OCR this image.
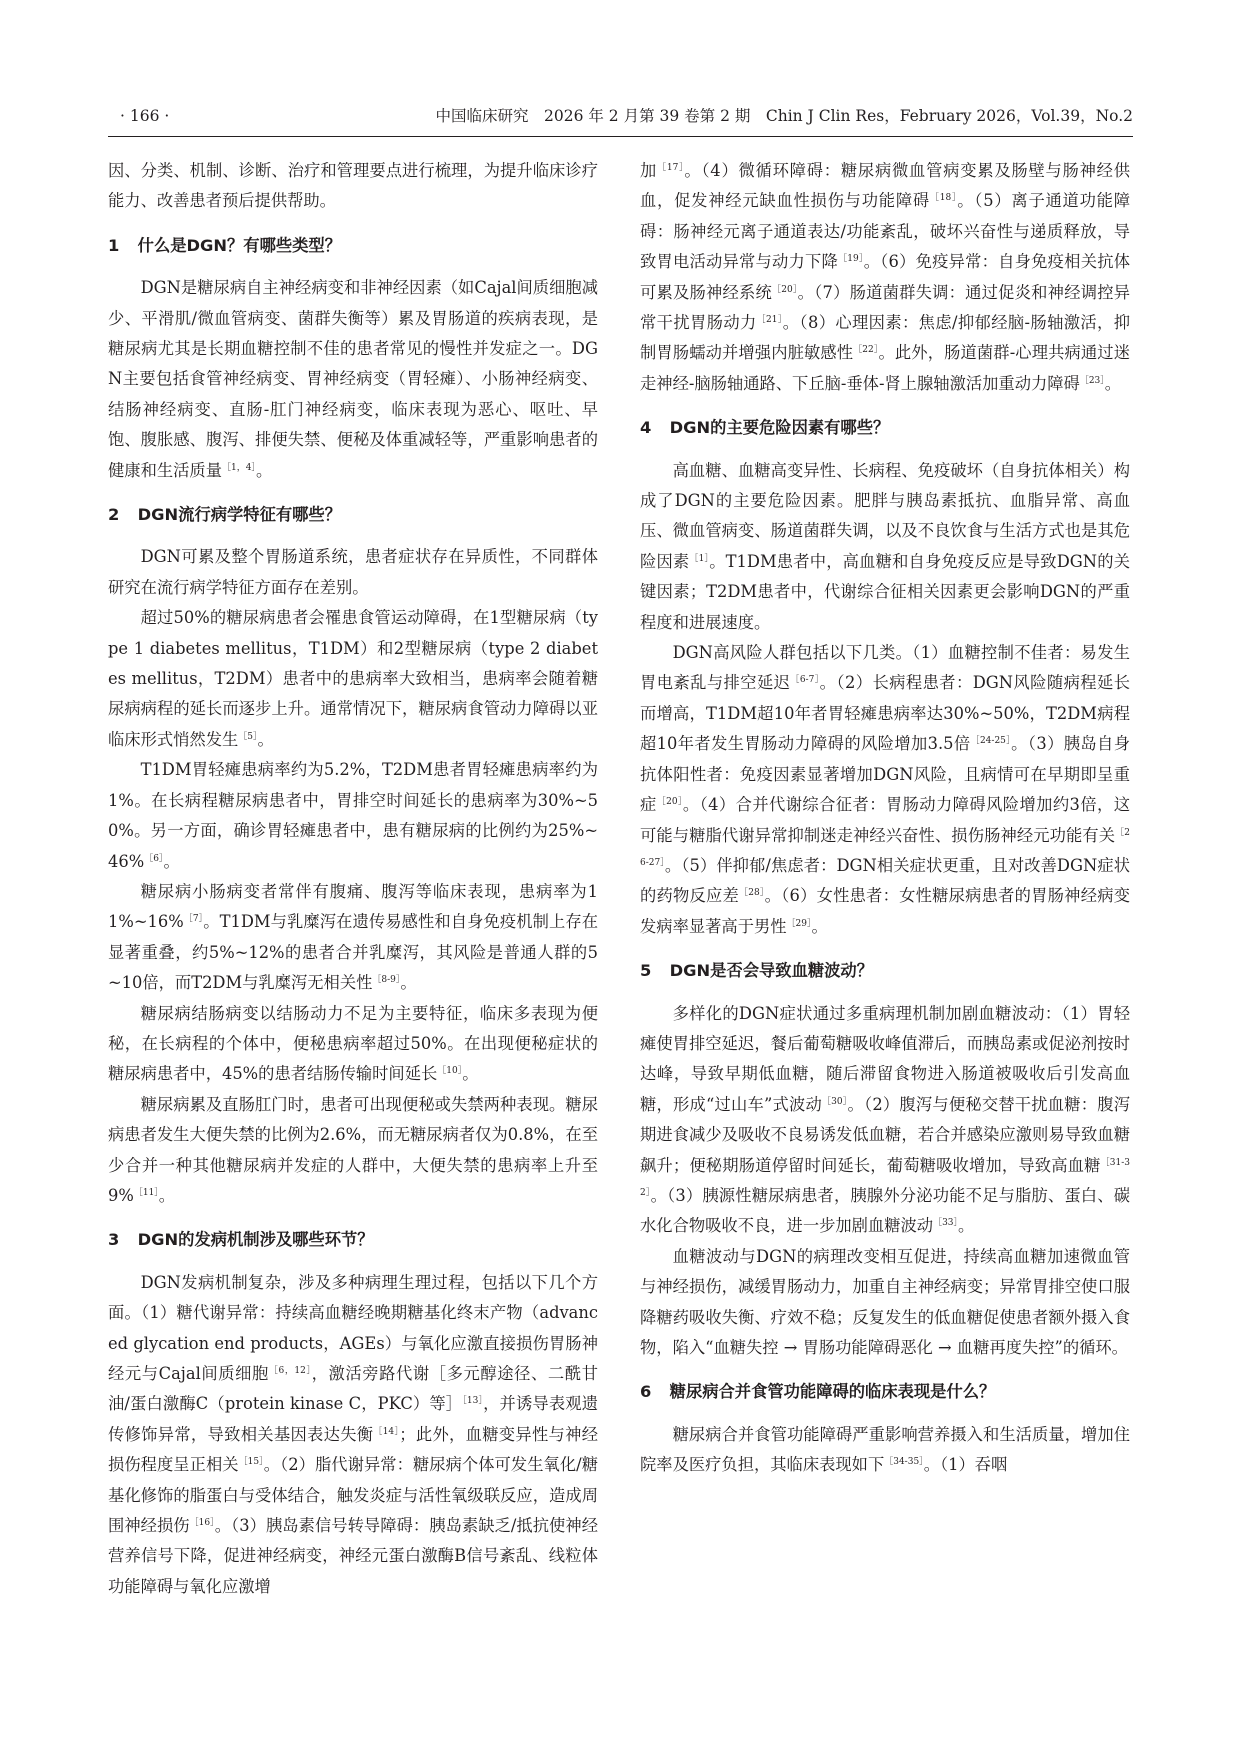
· 166 ·	中国临床研究　2026 年 2 月第 39 卷第 2 期　Chin J Clin Res，February 2026，Vol.39，No.2

因、分类、机制、诊断、治疗和管理要点进行梳理，为提升临床诊疗能力、改善患者预后提供帮助。

1 什么是DGN？有哪些类型？

DGN是糖尿病自主神经病变和非神经因素（如Cajal间质细胞减少、平滑肌/微血管病变、菌群失衡等）累及胃肠道的疾病表现，是糖尿病尤其是长期血糖控制不佳的患者常见的慢性并发症之一。DGN主要包括食管神经病变、胃神经病变（胃轻瘫）、小肠神经病变、结肠神经病变、直肠-肛门神经病变，临床表现为恶心、呕吐、早饱、腹胀感、腹泻、排便失禁、便秘及体重减轻等，严重影响患者的健康和生活质量$^{[1,4]}$。

2 DGN流行病学特征有哪些？

DGN可累及整个胃肠道系统，患者症状存在异质性，不同群体研究在流行病学特征方面存在差别。

超过50%的糖尿病患者会罹患食管运动障碍，在1型糖尿病（type 1 diabetes mellitus，T1DM）和2型糖尿病（type 2 diabetes mellitus，T2DM）患者中的患病率大致相当，患病率会随着糖尿病病程的延长而逐步上升。通常情况下，糖尿病食管动力障碍以亚临床形式悄然发生$^{[5]}$。

T1DM胃轻瘫患病率约为5.2%，T2DM患者胃轻瘫患病率约为1%。在长病程糖尿病患者中，胃排空时间延长的患病率为30%~50%。另一方面，确诊胃轻瘫患者中，患有糖尿病的比例约为25%~46%$^{[6]}$。

糖尿病小肠病变者常伴有腹痛、腹泻等临床表现，患病率为11%~16%$^{[7]}$。T1DM与乳糜泻在遗传易感性和自身免疫机制上存在显著重叠，约5%~12%的患者合并乳糜泻，其风险是普通人群的5~10倍，而T2DM与乳糜泻无相关性$^{[8-9]}$。

糖尿病结肠病变以结肠动力不足为主要特征，临床多表现为便秘，在长病程的个体中，便秘患病率超过50%。在出现便秘症状的糖尿病患者中，45%的患者结肠传输时间延长$^{[10]}$。

糖尿病累及直肠肛门时，患者可出现便秘或失禁两种表现。糖尿病患者发生大便失禁的比例为2.6%，而无糖尿病者仅为0.8%，在至少合并一种其他糖尿病并发症的人群中，大便失禁的患病率上升至9%$^{[11]}$。

3 DGN的发病机制涉及哪些环节？

DGN发病机制复杂，涉及多种病理生理过程，包括以下几个方面。（1）糖代谢异常：持续高血糖经晚期糖基化终末产物（advanced glycation end products，AGEs）与氧化应激直接损伤胃肠神经元与Cajal间质细胞$^{[6,12]}$，激活旁路代谢［多元醇途径、二酰甘油/蛋白激酶C（protein kinase C，PKC）等］$^{[13]}$，并诱导表观遗传修饰异常，导致相关基因表达失衡$^{[14]}$；此外，血糖变异性与神经损伤程度呈正相关$^{[15]}$。（2）脂代谢异常：糖尿病个体可发生氧化/糖基化修饰的脂蛋白与受体结合，触发炎症与活性氧级联反应，造成周围神经损伤$^{[16]}$。（3）胰岛素信号转导障碍：胰岛素缺乏/抵抗使神经营养信号下降，促进神经病变，神经元蛋白激酶B信号紊乱、线粒体功能障碍与氧化应激增

加$^{[17]}$。（4）微循环障碍：糖尿病微血管病变累及肠壁与肠神经供血，促发神经元缺血性损伤与功能障碍$^{[18]}$。（5）离子通道功能障碍：肠神经元离子通道表达/功能紊乱，破坏兴奋性与递质释放，导致胃电活动异常与动力下降$^{[19]}$。（6）免疫异常：自身免疫相关抗体可累及肠神经系统$^{[20]}$。（7）肠道菌群失调：通过促炎和神经调控异常干扰胃肠动力$^{[21]}$。（8）心理因素：焦虑/抑郁经脑-肠轴激活，抑制胃肠蠕动并增强内脏敏感性$^{[22]}$。此外，肠道菌群-心理共病通过迷走神经-脑肠轴通路、下丘脑-垂体-肾上腺轴激活加重动力障碍$^{[23]}$。

4 DGN的主要危险因素有哪些？

高血糖、血糖高变异性、长病程、免疫破坏（自身抗体相关）构成了DGN的主要危险因素。肥胖与胰岛素抵抗、血脂异常、高血压、微血管病变、肠道菌群失调，以及不良饮食与生活方式也是其危险因素$^{[1]}$。T1DM患者中，高血糖和自身免疫反应是导致DGN的关键因素；T2DM患者中，代谢综合征相关因素更会影响DGN的严重程度和进展速度。

DGN高风险人群包括以下几类。（1）血糖控制不佳者：易发生胃电紊乱与排空延迟$^{[6-7]}$。（2）长病程患者：DGN风险随病程延长而增高，T1DM超10年者胃轻瘫患病率达30%~50%，T2DM病程超10年者发生胃肠动力障碍的风险增加3.5倍$^{[24-25]}$。（3）胰岛自身抗体阳性者：免疫因素显著增加DGN风险，且病情可在早期即呈重症$^{[20]}$。（4）合并代谢综合征者：胃肠动力障碍风险增加约3倍，这可能与糖脂代谢异常抑制迷走神经兴奋性、损伤肠神经元功能有关$^{[26-27]}$。（5）伴抑郁/焦虑者：DGN相关症状更重，且对改善DGN症状的药物反应差$^{[28]}$。（6）女性患者：女性糖尿病患者的胃肠神经病变发病率显著高于男性$^{[29]}$。

5 DGN是否会导致血糖波动？

多样化的DGN症状通过多重病理机制加剧血糖波动：（1）胃轻瘫使胃排空延迟，餐后葡萄糖吸收峰值滞后，而胰岛素或促泌剂按时达峰，导致早期低血糖，随后滞留食物进入肠道被吸收后引发高血糖，形成“过山车”式波动$^{[30]}$。（2）腹泻与便秘交替干扰血糖：腹泻期进食减少及吸收不良易诱发低血糖，若合并感染应激则易导致血糖飙升；便秘期肠道停留时间延长，葡萄糖吸收增加，导致高血糖$^{[31-32]}$。（3）胰源性糖尿病患者，胰腺外分泌功能不足与脂肪、蛋白、碳水化合物吸收不良，进一步加剧血糖波动$^{[33]}$。

血糖波动与DGN的病理改变相互促进，持续高血糖加速微血管与神经损伤，减缓胃肠动力，加重自主神经病变；异常胃排空使口服降糖药吸收失衡、疗效不稳；反复发生的低血糖促使患者额外摄入食物，陷入“血糖失控 → 胃肠功能障碍恶化 → 血糖再度失控”的循环。

6 糖尿病合并食管功能障碍的临床表现是什么？

糖尿病合并食管功能障碍严重影响营养摄入和生活质量，增加住院率及医疗负担，其临床表现如下$^{[34-35]}$。（1）吞咽
